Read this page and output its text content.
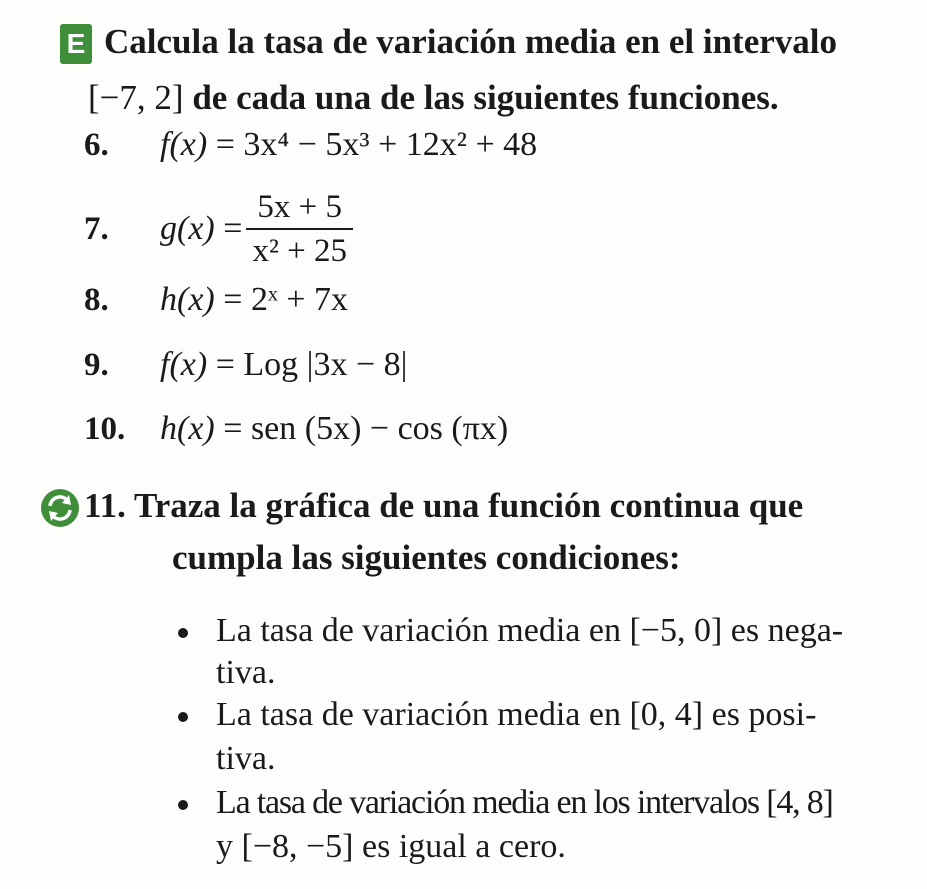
E Calcula la tasa de variación media en el intervalo
[−7, 2] de cada una de las siguientes funciones.
6. f(x) = 3x⁴ − 5x³ + 12x² + 48
7. $g(x) = \frac{5x + 5}{\text{x² + 25}}$
8. h(x) = 2ˣ + 7x
9. f(x) = Log |3x − 8|
10. h(x) = sen (5x) − cos (πx)
11. Traza la gráfica de una función continua que
cumpla las siguientes condiciones:
La tasa de variación media en [−5, 0] es nega-
tiva.
La tasa de variación media en [0, 4] es posi-
tiva.
La tasa de variación media en los intervalos [4, 8]
y [−8, −5] es igual a cero.
